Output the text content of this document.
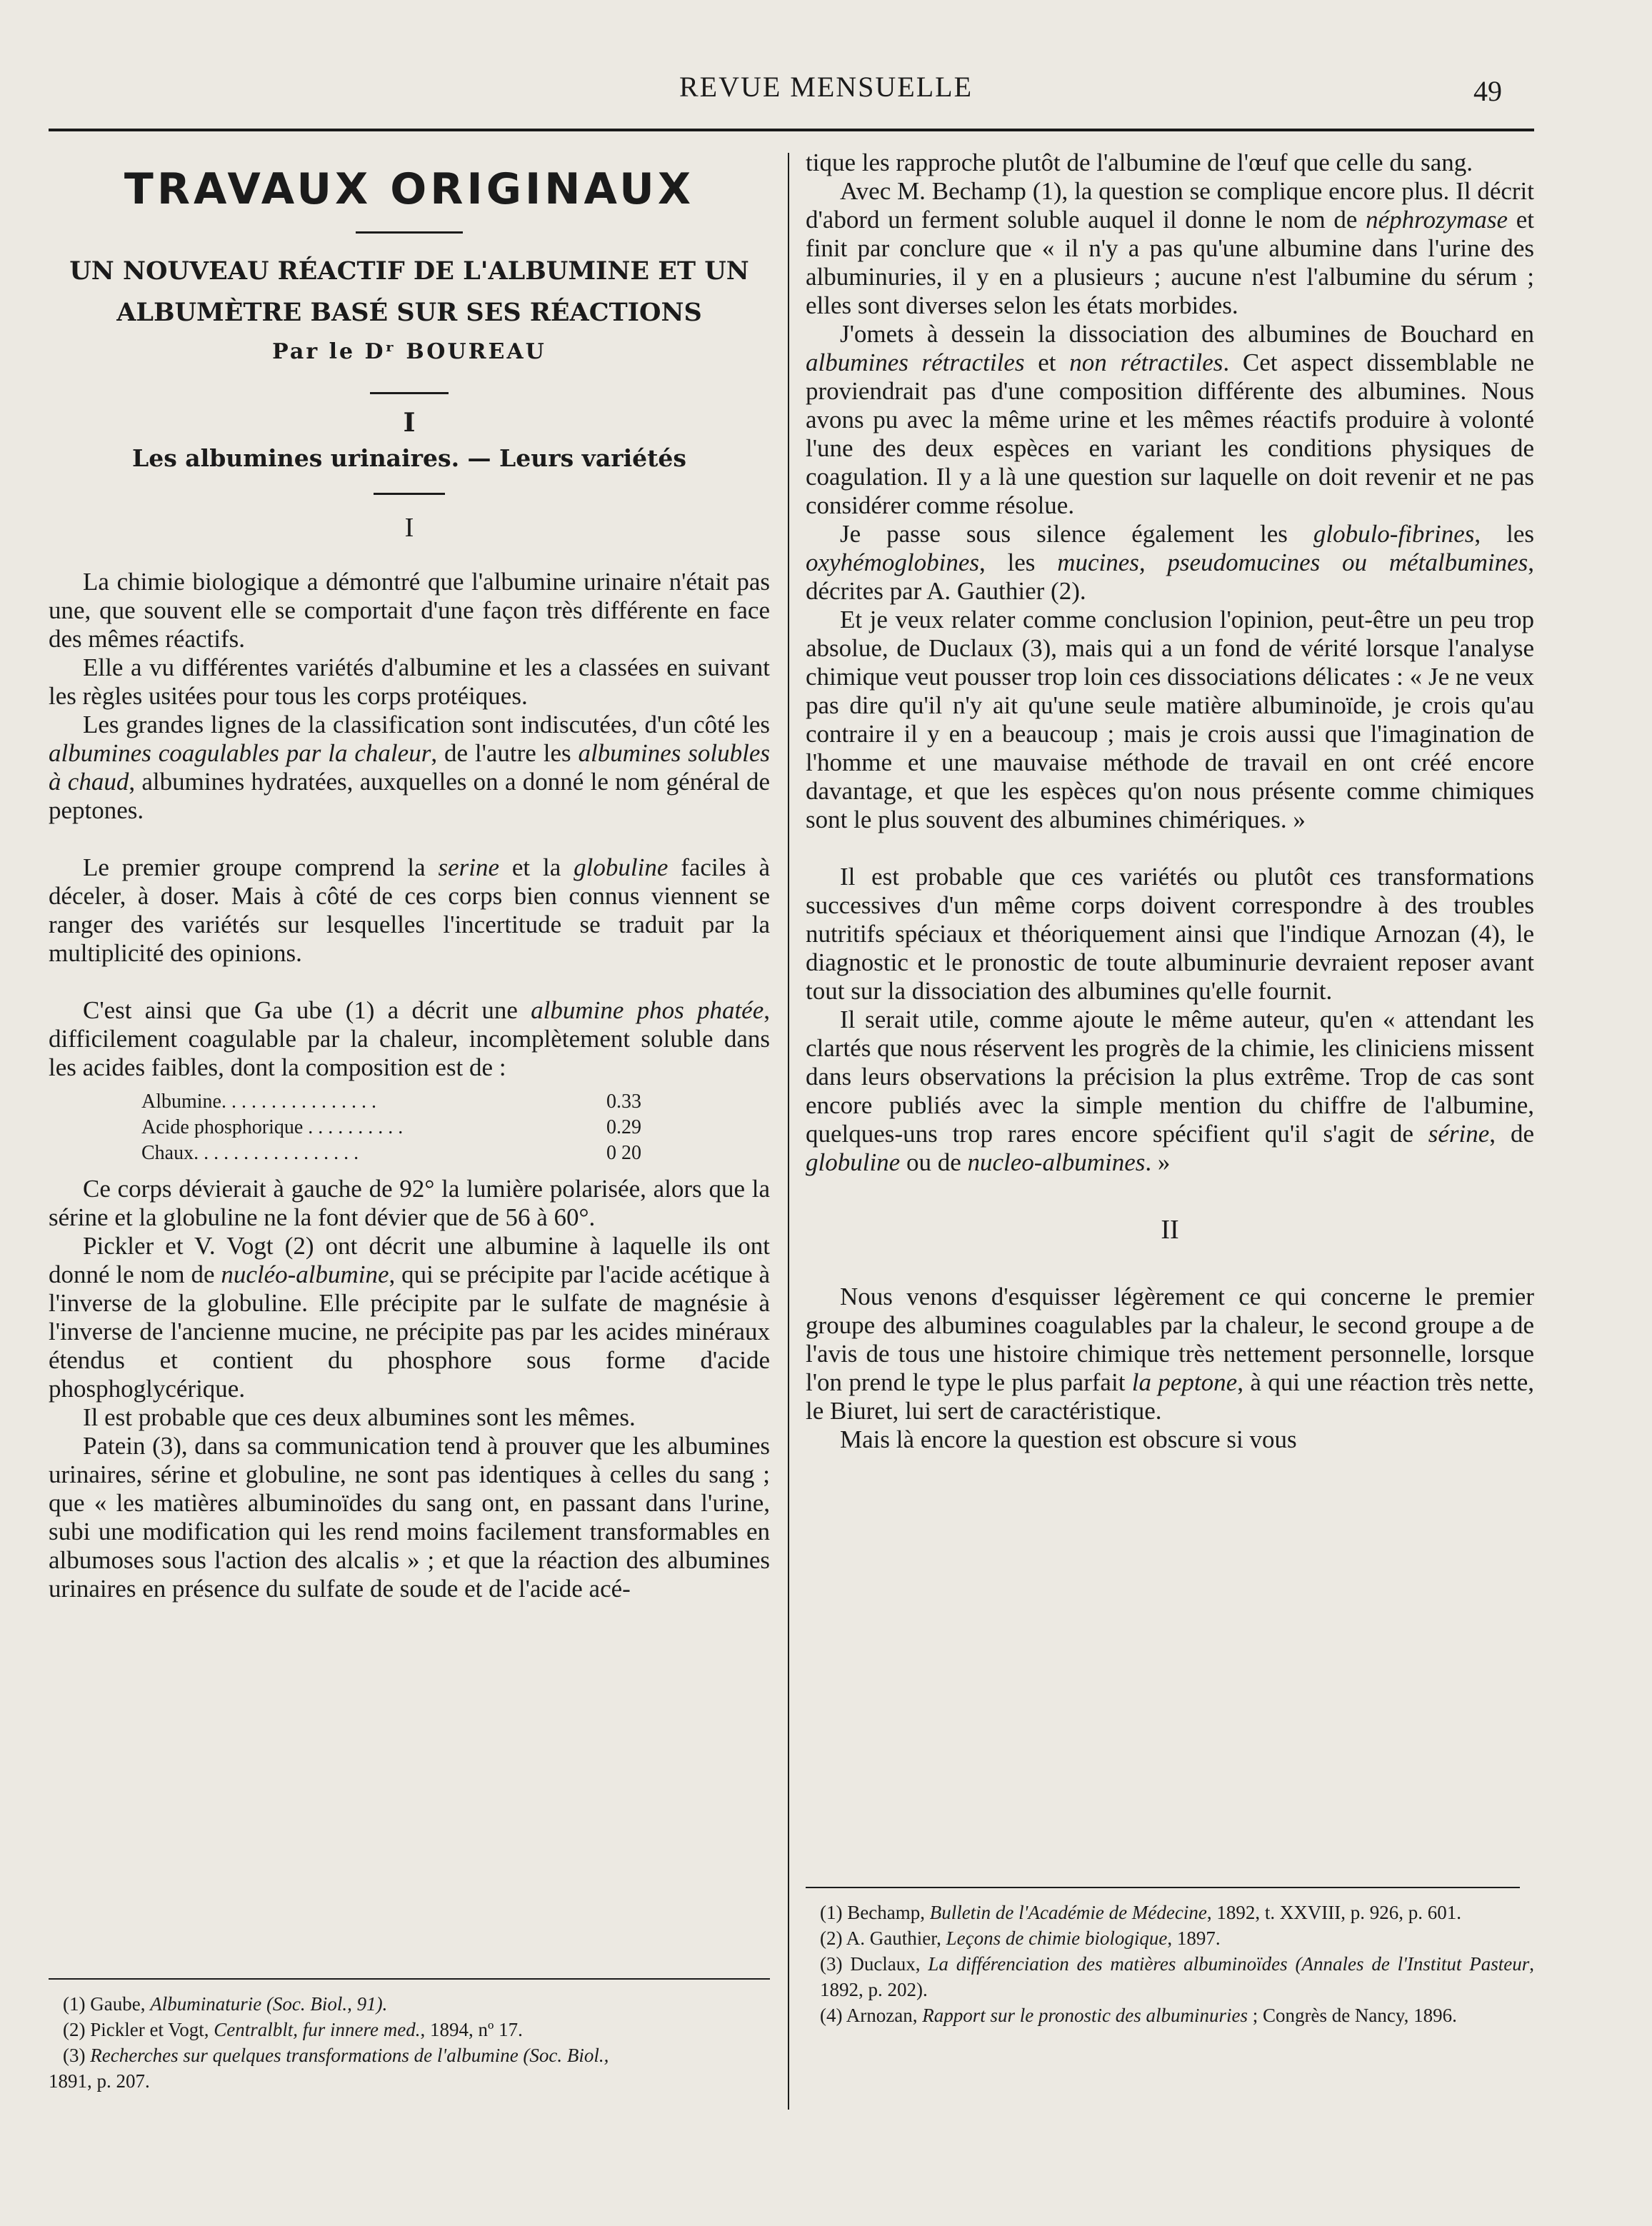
REVUE MENSUELLE	49
TRAVAUX ORIGINAUX
UN NOUVEAU RÉACTIF DE L'ALBUMINE ET UN
ALBUMÈTRE BASÉ SUR SES RÉACTIONS
Par le Dʳ BOUREAU
I
Les albumines urinaires. — Leurs variétés
I

La chimie biologique a démontré que l'albumine urinaire n'était pas une, que souvent elle se comportait d'une façon très différente en face des mêmes réactifs.

Elle a vu différentes variétés d'albumine et les a classées en suivant les règles usitées pour tous les corps protéiques.

Les grandes lignes de la classification sont indiscutées, d'un côté les albumines coagulables par la chaleur, de l'autre les albumines solubles à chaud, albumines hydratées, auxquelles on a donné le nom général de peptones.

Le premier groupe comprend la serine et la globuline faciles à déceler, à doser. Mais à côté de ces corps bien connus viennent se ranger des variétés sur lesquelles l'incertitude se traduit par la multiplicité des opinions.

C'est ainsi que Ga ube (1) a décrit une albumine phos phatée, difficilement coagulable par la chaleur, incomplètement soluble dans les acides faibles, dont la composition est de :

Albumine. . . . . . . . . . . . . . . .	0.33
Acide phosphorique . . . . . . . . . .	0.29
Chaux. . . . . . . . . . . . . . . . .	0 20

Ce corps dévierait à gauche de 92° la lumière polarisée, alors que la sérine et la globuline ne la font dévier que de 56 à 60°.

Pickler et V. Vogt (2) ont décrit une albumine à laquelle ils ont donné le nom de nucléo-albumine, qui se précipite par l'acide acétique à l'inverse de la globuline. Elle précipite par le sulfate de magnésie à l'inverse de l'ancienne mucine, ne précipite pas par les acides minéraux étendus et contient du phosphore sous forme d'acide phosphoglycérique.

Il est probable que ces deux albumines sont les mêmes.

Patein (3), dans sa communication tend à prouver que les albumines urinaires, sérine et globuline, ne sont pas identiques à celles du sang ; que « les matières albuminoïdes du sang ont, en passant dans l'urine, subi une modification qui les rend moins facilement transformables en albumoses sous l'action des alcalis » ; et que la réaction des albumines urinaires en présence du sulfate de soude et de l'acide acé-

(1) Gaube, Albuminaturie (Soc. Biol., 91).

(2) Pickler et Vogt, Centralblt, fur innere med., 1894, nº 17.

(3) Recherches sur quelques transformations de l'albumine (Soc. Biol.,

1891, p. 207.

tique les rapproche plutôt de l'albumine de l'œuf que celle du sang.

Avec M. Bechamp (1), la question se complique encore plus. Il décrit d'abord un ferment soluble auquel il donne le nom de néphrozymase et finit par conclure que « il n'y a pas qu'une albumine dans l'urine des albuminuries, il y en a plusieurs ; aucune n'est l'albumine du sérum ; elles sont diverses selon les états morbides.

J'omets à dessein la dissociation des albumines de Bouchard en albumines rétractiles et non rétractiles. Cet aspect dissemblable ne proviendrait pas d'une composition différente des albumines. Nous avons pu avec la même urine et les mêmes réactifs produire à volonté l'une des deux espèces en variant les conditions physiques de coagulation. Il y a là une question sur laquelle on doit revenir et ne pas considérer comme résolue.

Je passe sous silence également les globulo-fibrines, les oxyhémoglobines, les mucines, pseudomucines ou métalbumines, décrites par A. Gauthier (2).

Et je veux relater comme conclusion l'opinion, peut-être un peu trop absolue, de Duclaux (3), mais qui a un fond de vérité lorsque l'analyse chimique veut pousser trop loin ces dissociations délicates : « Je ne veux pas dire qu'il n'y ait qu'une seule matière albuminoïde, je crois qu'au contraire il y en a beaucoup ; mais je crois aussi que l'imagination de l'homme et une mauvaise méthode de travail en ont créé encore davantage, et que les espèces qu'on nous présente comme chimiques sont le plus souvent des albumines chimériques. »

Il est probable que ces variétés ou plutôt ces transformations successives d'un même corps doivent correspondre à des troubles nutritifs spéciaux et théoriquement ainsi que l'indique Arnozan (4), le diagnostic et le pronostic de toute albuminurie devraient reposer avant tout sur la dissociation des albumines qu'elle fournit.

Il serait utile, comme ajoute le même auteur, qu'en « attendant les clartés que nous réservent les progrès de la chimie, les cliniciens missent dans leurs observations la précision la plus extrême. Trop de cas sont encore publiés avec la simple mention du chiffre de l'albumine, quelques-uns trop rares encore spécifient qu'il s'agit de sérine, de globuline ou de nucleo-albumines. »

II

Nous venons d'esquisser légèrement ce qui concerne le premier groupe des albumines coagulables par la chaleur, le second groupe a de l'avis de tous une histoire chimique très nettement personnelle, lorsque l'on prend le type le plus parfait la peptone, à qui une réaction très nette, le Biuret, lui sert de caractéristique.

Mais là encore la question est obscure si vous

(1) Bechamp, Bulletin de l'Académie de Médecine, 1892, t. XXVIII, p. 926, p. 601.

(2) A. Gauthier, Leçons de chimie biologique, 1897.

(3) Duclaux, La différenciation des matières albuminoïdes (Annales de l'Institut Pasteur, 1892, p. 202).

(4) Arnozan, Rapport sur le pronostic des albuminuries ; Congrès de Nancy, 1896.
